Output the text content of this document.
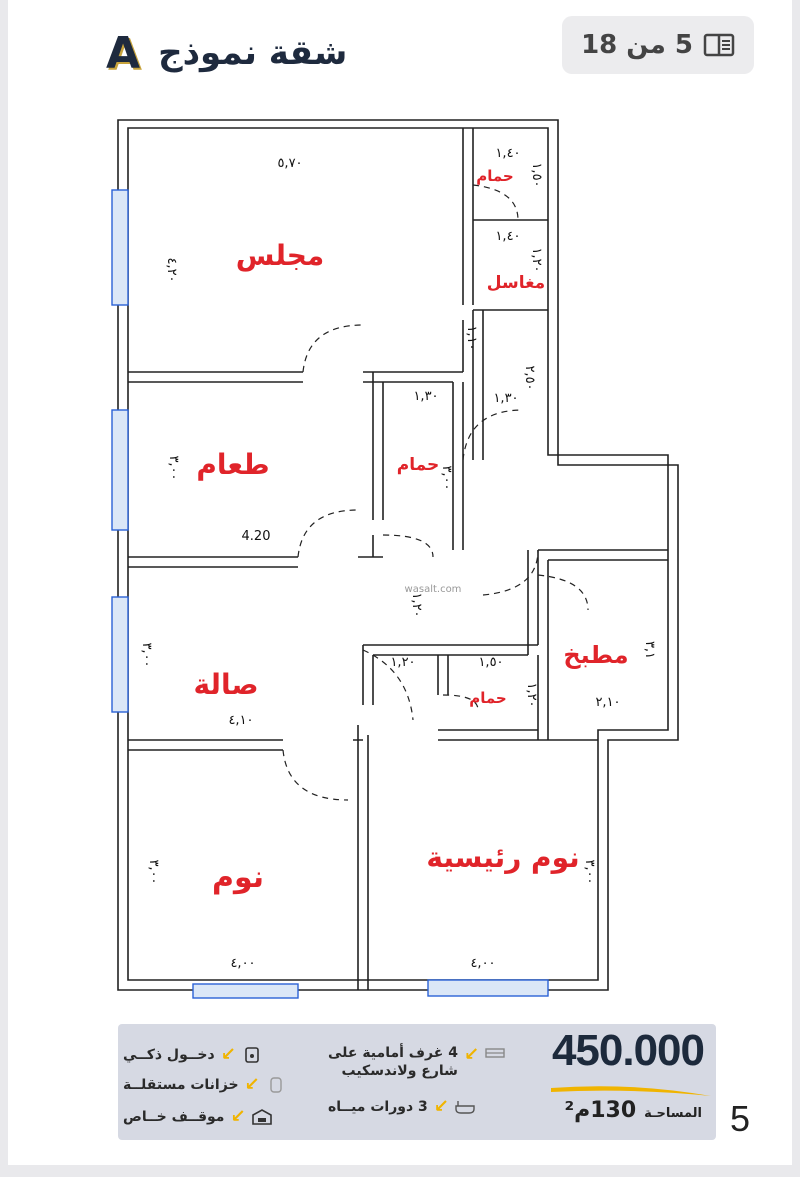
شقة نموذج
A	5 من 18
مجلس
طعام
حمام
مغاسل
حمام
صالة
مطبخ
حمام
نوم
نوم رئيسية
٥,٧٠
٤,٢٠
١,٤٠
١,٥٠
١,٤٠
١,٢٠
١,١٠
١,٣٠
٢,٥٠
١,٣٠
٣,٠٠
٣,٠٠
4.20
٣,٠٠
٤,١٠
١,٢٠
١,٢٠	١,٥٠
١,٢٠
٣,١
٢,١٠
٣,٠٠
٤,٠٠
٣,٠٠
٤,٠٠
wasalt.com
↙
دخــول ذكــي
↙
خزانات مستقلــة
↙
موقــف خــاص
↙
4 غرف أمامية على
شارع ولاندسكيب
↙
3 دورات ميــاه
450.000
المساحـة
130م²	5
